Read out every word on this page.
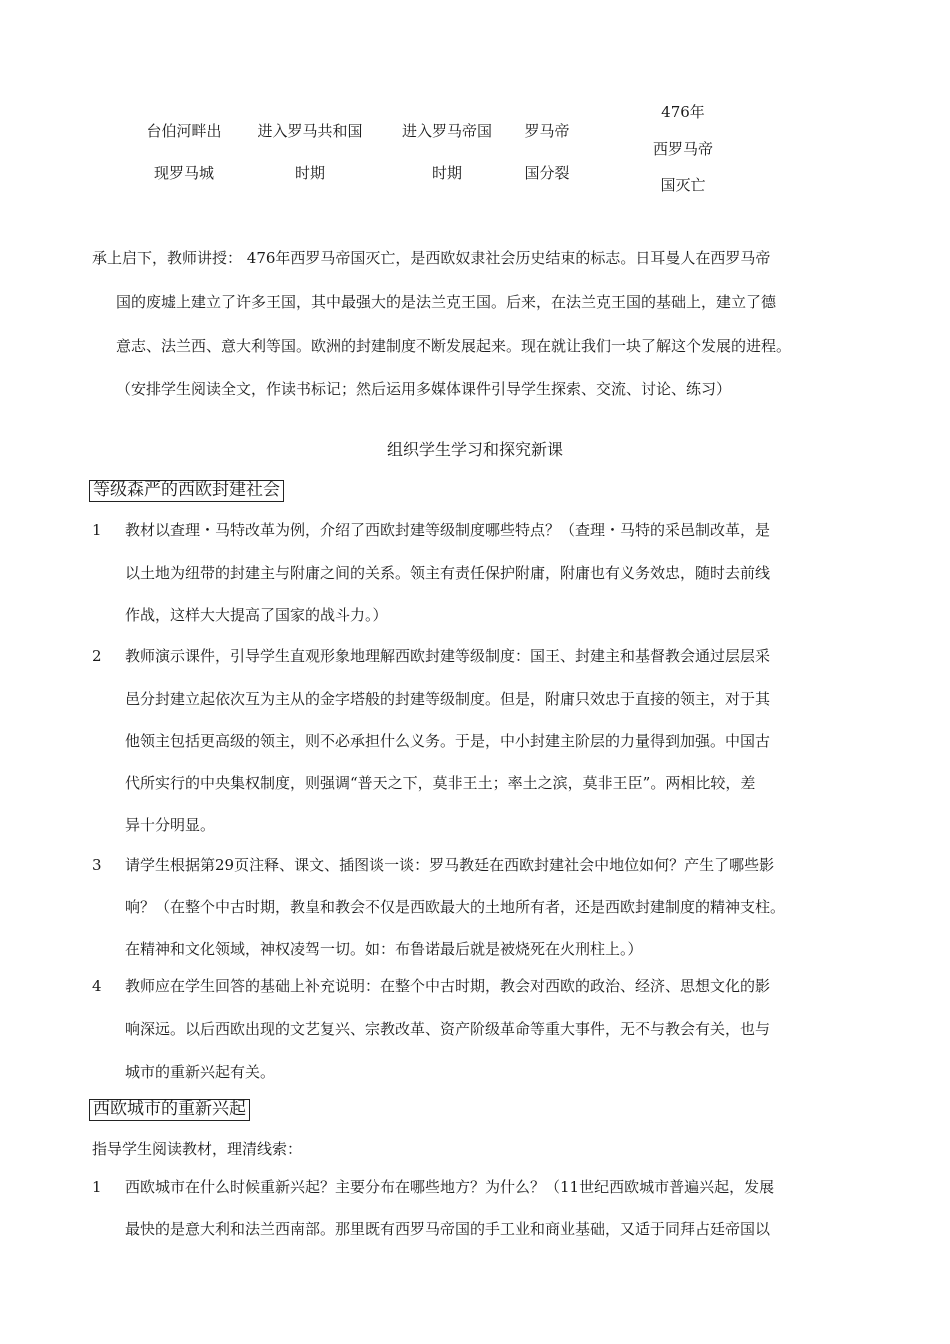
台伯河畔出
现罗马城
进入罗马共和国
时期
进入罗马帝国
时期
罗马帝
国分裂
476年
西罗马帝
国灭亡
承上启下，教师讲授： 476年西罗马帝国灭亡，是西欧奴隶社会历史结束的标志。日耳曼人在西罗马帝
国的废墟上建立了许多王国，其中最强大的是法兰克王国。后来，在法兰克王国的基础上，建立了德
意志、法兰西、意大利等国。欧洲的封建制度不断发展起来。现在就让我们一块了解这个发展的进程。
（安排学生阅读全文，作读书标记；然后运用多媒体课件引导学生探索、交流、讨论、练习）
组织学生学习和探究新课
等级森严的西欧封建社会
1 教材以查理・马特改革为例，介绍了西欧封建等级制度哪些特点？（查理・马特的采邑制改革，是
以土地为纽带的封建主与附庸之间的关系。领主有责任保护附庸，附庸也有义务效忠，随时去前线
作战，这样大大提高了国家的战斗力。）
2 教师演示课件，引导学生直观形象地理解西欧封建等级制度：国王、封建主和基督教会通过层层采
邑分封建立起依次互为主从的金字塔般的封建等级制度。但是，附庸只效忠于直接的领主，对于其
他领主包括更高级的领主，则不必承担什么义务。于是，中小封建主阶层的力量得到加强。中国古
代所实行的中央集权制度，则强调“普天之下，莫非王土；率土之滨，莫非王臣”。两相比较，差
异十分明显。
3 请学生根据第29页注释、课文、插图谈一谈：罗马教廷在西欧封建社会中地位如何？产生了哪些影
响？（在整个中古时期，教皇和教会不仅是西欧最大的土地所有者，还是西欧封建制度的精神支柱。
在精神和文化领域，神权凌驾一切。如：布鲁诺最后就是被烧死在火刑柱上。）
4 教师应在学生回答的基础上补充说明：在整个中古时期，教会对西欧的政治、经济、思想文化的影
响深远。以后西欧出现的文艺复兴、宗教改革、资产阶级革命等重大事件，无不与教会有关，也与
城市的重新兴起有关。
西欧城市的重新兴起
指导学生阅读教材，理清线索：
1 西欧城市在什么时候重新兴起？主要分布在哪些地方？为什么？（11世纪西欧城市普遍兴起，发展
最快的是意大利和法兰西南部。那里既有西罗马帝国的手工业和商业基础，又适于同拜占廷帝国以
